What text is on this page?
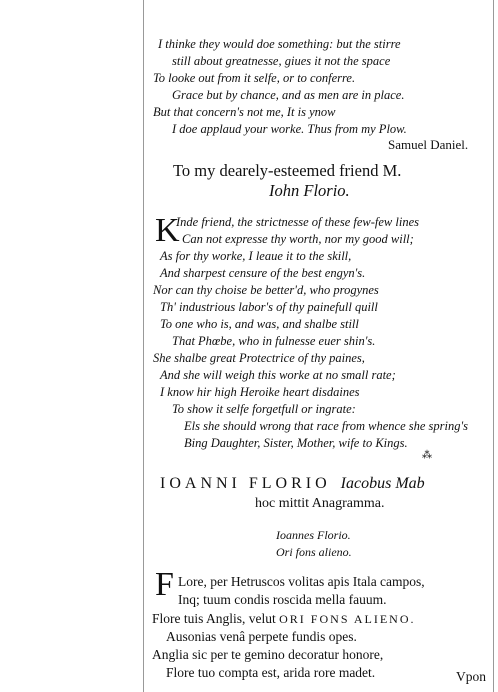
I thinke they would doe something: but the stirre
still about greatnesse, giues it not the space
To looke out from it selfe, or to conferre.
Grace but by chance, and as men are in place.
But that concern's not me, It is ynow
I doe applaud your worke. Thus from my Plow.
Samuel Daniel.
To my dearely-esteemed friend M.
Iohn Florio.
K
Inde friend, the strictnesse of these few-few lines
Can not expresse thy worth, nor my good will;
As for thy worke, I leaue it to the skill,
And sharpest censure of the best engyn's.
Nor can thy choise be better'd, who progynes
Th' industrious labor's of thy painefull quill
To one who is, and was, and shalbe still
That Phœbe, who in fulnesse euer shin's.
She shalbe great Protectrice of thy paines,
And she will weigh this worke at no small rate;
I know hir high Heroike heart disdaines
To show it selfe forgetfull or ingrate:
Els she should wrong that race from whence she spring's
Bing Daughter, Sister, Mother, wife to Kings.
⁂
IOANNI FLORIO Iacobus Mab
hoc mittit Anagramma.
Ioannes Florio.
Ori fons alieno.
F Lore, per Hetruscos volitas apis Itala campos,
Inq; tuum condis roscida mella fauum.
Flore tuis Anglis, velut ORI FONS ALIENO.
Ausonias venâ perpete fundis opes.
Anglia sic per te gemino decoratur honore,
Flore tuo compta est, arida rore madet.	Vpon
